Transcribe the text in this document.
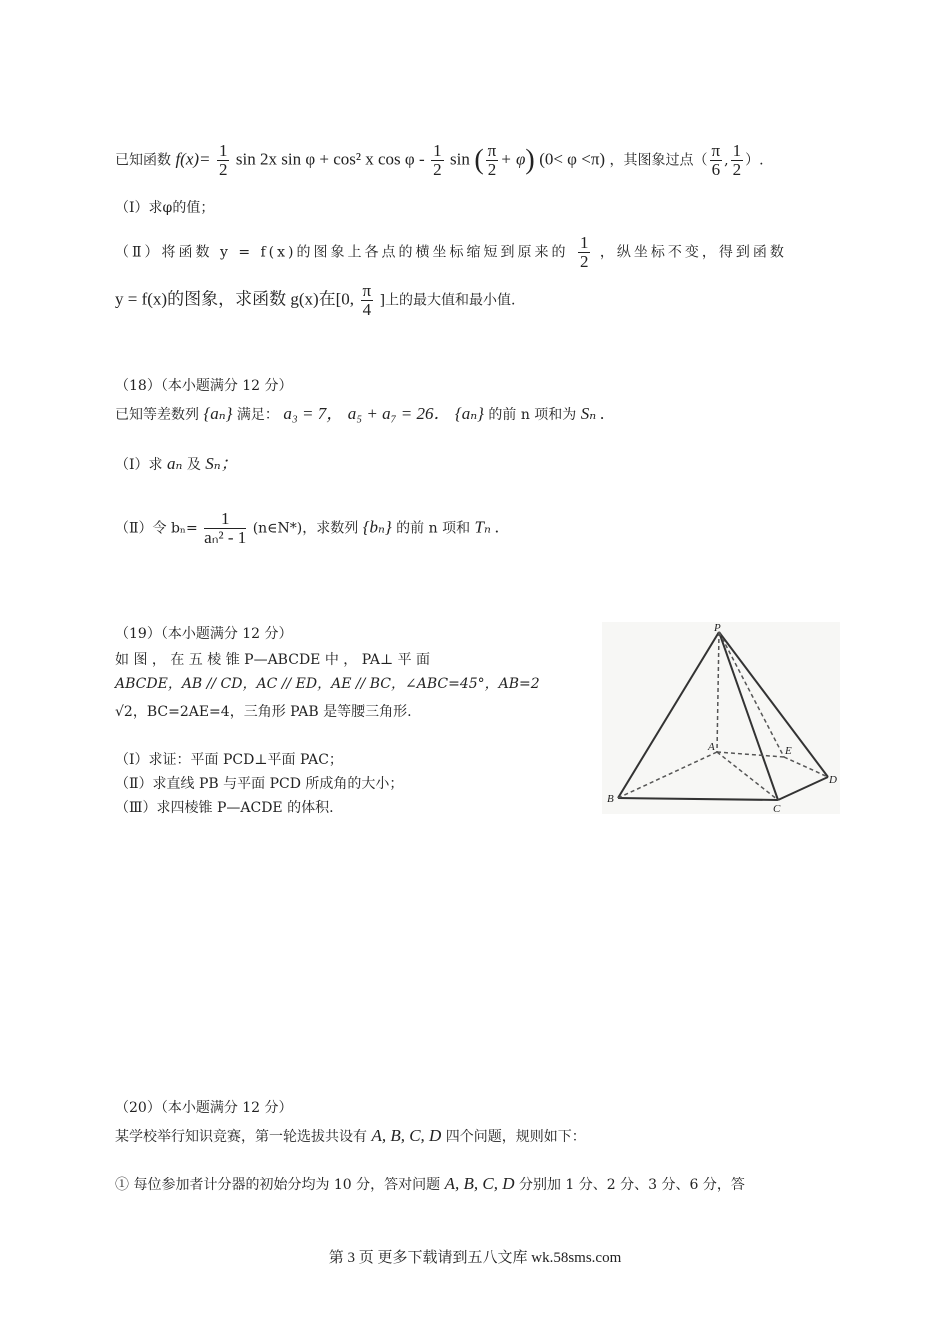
已知函数 $f(x)= \frac{1}{2}$ sin 2x sin φ + cos² x cos φ - $\frac{1}{2}$ sin ( $\frac{\pi}{2} + \varphi$) (0< φ <π) ，其图象过点（ $\frac{\pi}{6}$ , $\frac{1}{2}$ ）.
（Ⅰ）求φ的值；
（Ⅱ）将函数 y = f(x)的图象上各点的横坐标缩短到原来的 $\frac{1}{2}$ ，纵坐标不变，得到函数
y = f(x)的图象，求函数 g(x)在[0, $\frac{\pi}{4}$ ]上的最大值和最小值.
（18）（本小题满分 12 分）
已知等差数列 {aₙ} 满足： a₃ = 7， a₅ + a₇ = 26． {aₙ} 的前 n 项和为 Sₙ .
（Ⅰ）求 aₙ 及 Sₙ；
（Ⅱ）令 $b_n= \frac{1}{\text{aₙ² - 1}}$ (n∈N*)，求数列 {bₙ} 的前 n 项和 Tₙ .
（19）（本小题满分 12 分）
如 图 ， 在 五 棱 锥 P—ABCDE 中 ， PA⊥ 平 面
ABCDE，AB // CD，AC // ED，AE // BC，∠ABC=45°，AB=2
√2，BC=2AE=4，三角形 PAB 是等腰三角形.
（Ⅰ）求证：平面 PCD⊥平面 PAC；
（Ⅱ）求直线 PB 与平面 PCD 所成角的大小；
（Ⅲ）求四棱锥 P—ACDE 的体积.
P
A
B
C
D
E
（20）（本小题满分 12 分）
某学校举行知识竞赛，第一轮选拔共设有 A, B, C, D 四个问题，规则如下：
① 每位参加者计分器的初始分均为 10 分，答对问题 A, B, C, D 分别加 1 分、2 分、3 分、6 分，答
第 3 页 更多下载请到五八文库 wk.58sms.com
